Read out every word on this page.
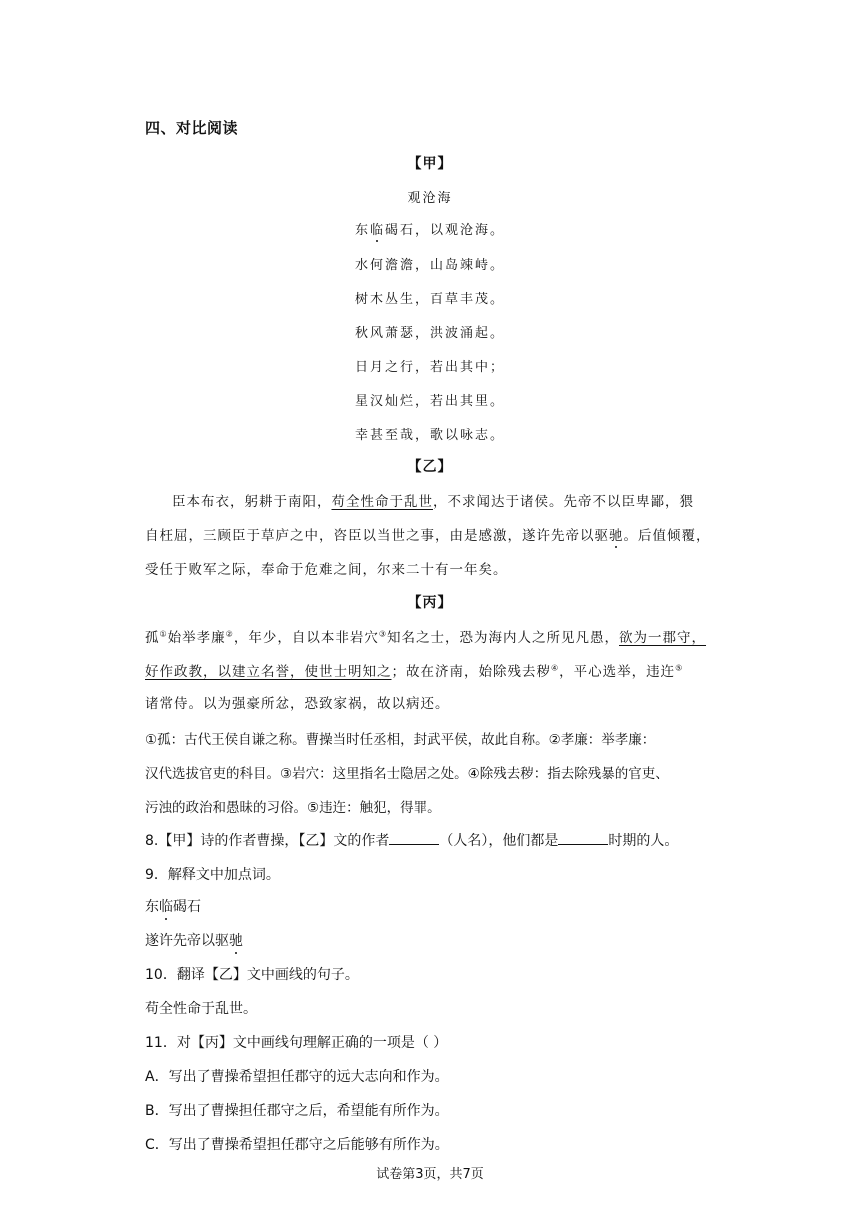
四、对比阅读
【甲】
观沧海
东临碣石，以观沧海。
水何澹澹，山岛竦峙。
树木丛生，百草丰茂。
秋风萧瑟，洪波涌起。
日月之行，若出其中；
星汉灿烂，若出其里。
幸甚至哉，歌以咏志。
【乙】
臣本布衣，躬耕于南阳，苟全性命于乱世，不求闻达于诸侯。先帝不以臣卑鄙，猥
自枉屈，三顾臣于草庐之中，咨臣以当世之事，由是感激，遂许先帝以驱驰。后值倾覆，
受任于败军之际，奉命于危难之间，尔来二十有一年矣。
【丙】
孤①始举孝廉②，年少，自以本非岩穴③知名之士，恐为海内人之所见凡愚，欲为一郡守，
好作政教，以建立名誉，使世士明知之；故在济南，始除残去秽④，平心选举，违迕⑤
诸常侍。以为强豪所忿，恐致家祸，故以病还。
①孤：古代王侯自谦之称。曹操当时任丞相，封武平侯，故此自称。②孝廉：举孝廉：
汉代选拔官吏的科目。③岩穴：这里指名士隐居之处。④除残去秽：指去除残暴的官吏、
污浊的政治和愚昧的习俗。⑤违迕：触犯，得罪。
8.【甲】诗的作者曹操，【乙】文的作者	（人名），他们都是	时期的人。
9．解释文中加点词。
东临碣石
遂许先帝以驱驰
10．翻译【乙】文中画线的句子。
苟全性命于乱世。
11．对【丙】文中画线句理解正确的一项是（ ）
A．写出了曹操希望担任郡守的远大志向和作为。
B．写出了曹操担任郡守之后，希望能有所作为。
C．写出了曹操希望担任郡守之后能够有所作为。
试卷第3页，共7页
